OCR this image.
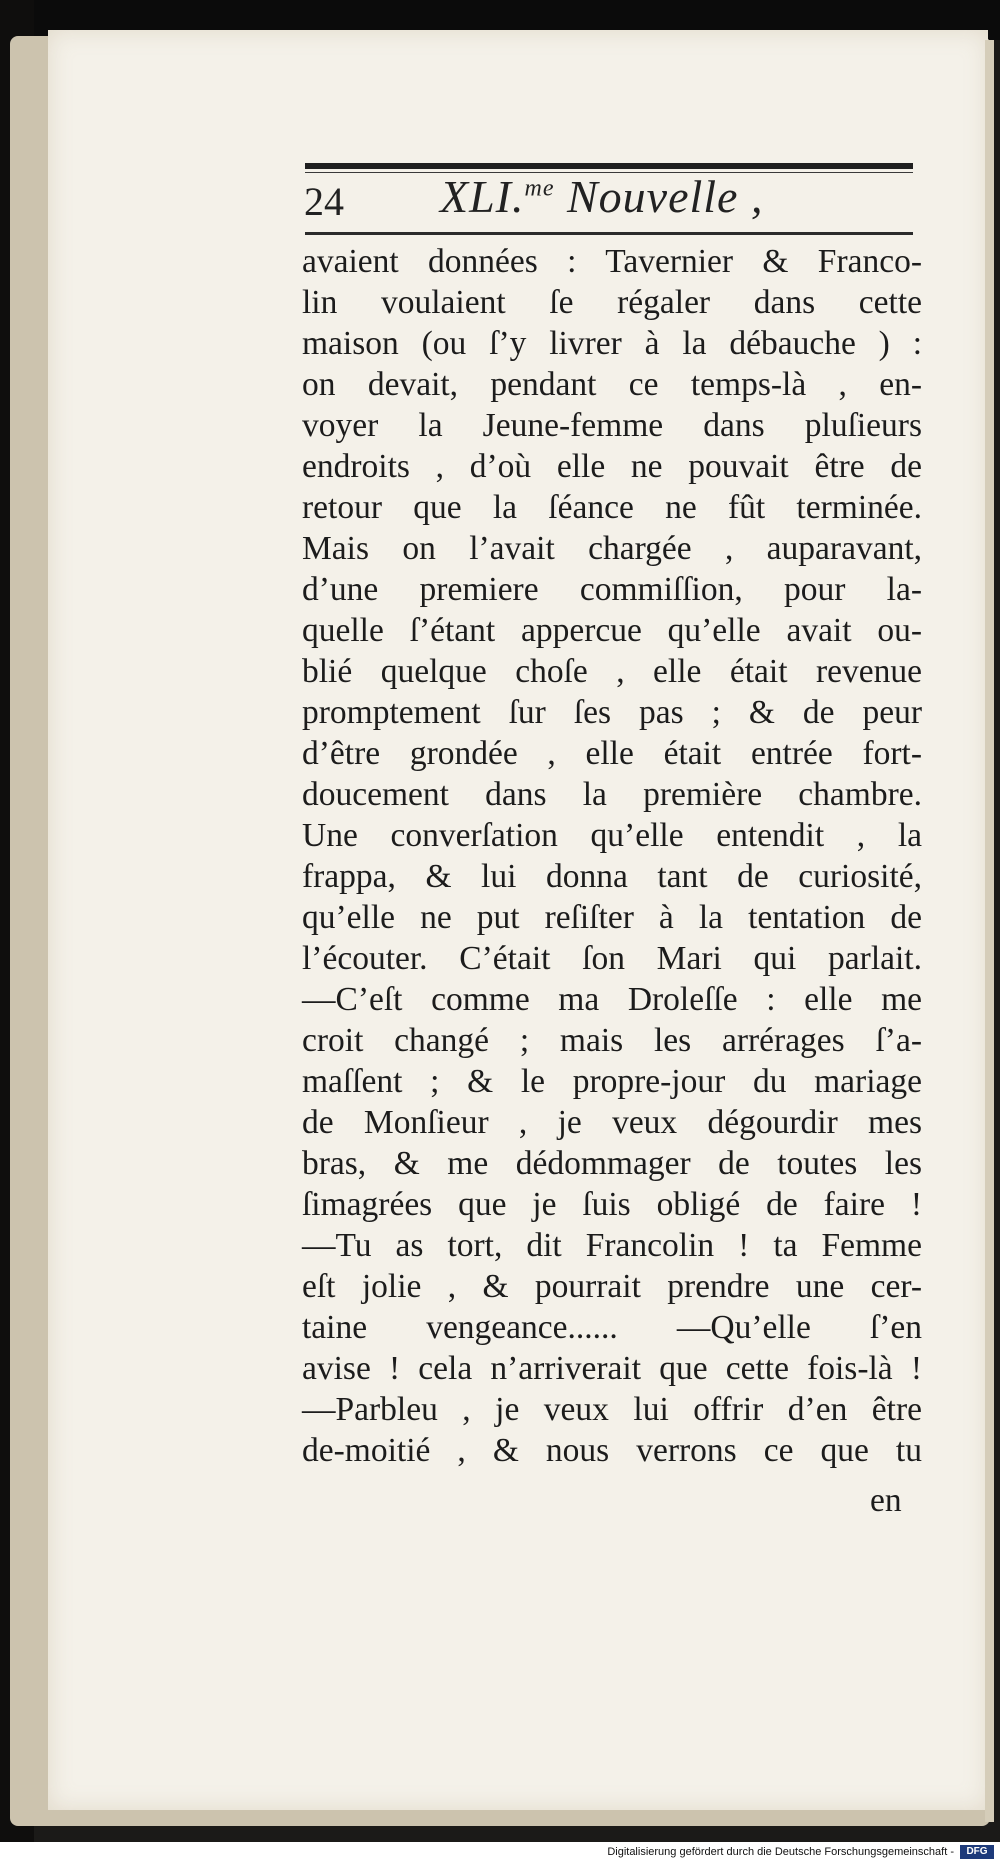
24 XLI.$^{me}$ Nouvelle ,
avaient données : Tavernier & Franco-
lin voulaient ſe régaler dans cette
maison (ou ſ’y livrer à la débauche ) :
on devait, pendant ce temps-là , en-
voyer la Jeune-femme dans pluſieurs
endroits , d’où elle ne pouvait être de
retour que la ſéance ne fût terminée.
Mais on l’avait chargée , auparavant,
d’une premiere commiſſion, pour la-
quelle ſ’étant appercue qu’elle avait ou-
blié quelque choſe , elle était revenue
promptement ſur ſes pas ; & de peur
d’être grondée , elle était entrée fort-
doucement dans la première chambre.
Une converſation qu’elle entendit , la
frappa, & lui donna tant de curiosité,
qu’elle ne put reſiſter à la tentation de
l’écouter. C’était ſon Mari qui parlait.
—C’eſt comme ma Droleſſe : elle me
croit changé ; mais les arrérages ſ’a-
maſſent ; & le propre-jour du mariage
de Monſieur , je veux dégourdir mes
bras, & me dédommager de toutes les
ſimagrées que je ſuis obligé de faire !
—Tu as tort, dit Francolin ! ta Femme
eſt jolie , & pourrait prendre une cer-
taine vengeance...... —Qu’elle ſ’en
avise ! cela n’arriverait que cette fois-là !
—Parbleu , je veux lui offrir d’en être
de-moitié , & nous verrons ce que tu
en
Digitalisierung gefördert durch die Deutsche Forschungsgemeinschaft -	DFG
